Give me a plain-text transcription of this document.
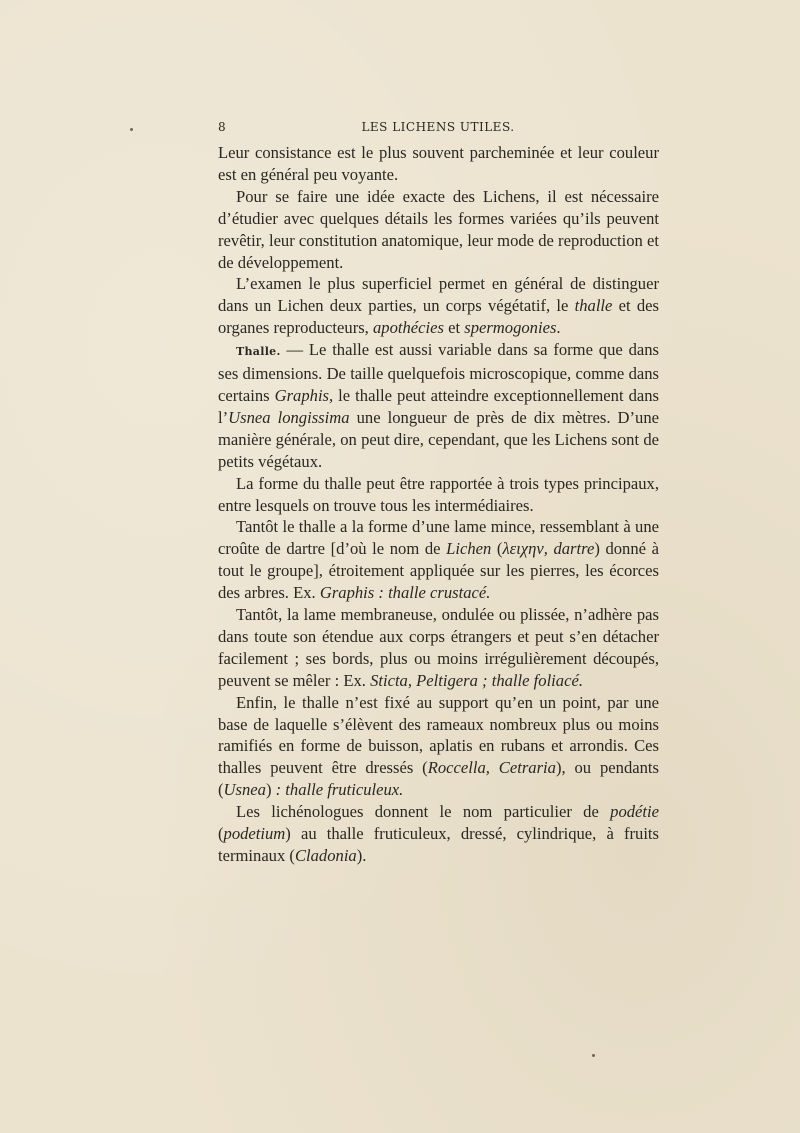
8	LES LICHENS UTILES.

Leur consistance est le plus souvent parcheminée et leur couleur est en général peu voyante.

Pour se faire une idée exacte des Lichens, il est nécessaire d’étudier avec quelques détails les formes variées qu’ils peuvent revêtir, leur constitution anatomique, leur mode de reproduction et de développement.

L’examen le plus superficiel permet en général de distinguer dans un Lichen deux parties, un corps végétatif, le thalle et des organes reproducteurs, apothécies et spermogonies.

Thalle. — Le thalle est aussi variable dans sa forme que dans ses dimensions. De taille quelquefois microscopique, comme dans certains Graphis, le thalle peut atteindre exceptionnellement dans l’Usnea longissima une longueur de près de dix mètres. D’une manière générale, on peut dire, cependant, que les Lichens sont de petits végétaux.

La forme du thalle peut être rapportée à trois types principaux, entre lesquels on trouve tous les intermédiaires.

Tantôt le thalle a la forme d’une lame mince, ressemblant à une croûte de dartre [d’où le nom de Lichen (λειχην, dartre) donné à tout le groupe], étroitement appliquée sur les pierres, les écorces des arbres. Ex. Graphis : thalle crustacé.

Tantôt, la lame membraneuse, ondulée ou plissée, n’adhère pas dans toute son étendue aux corps étrangers et peut s’en détacher facilement ; ses bords, plus ou moins irrégulièrement découpés, peuvent se mêler : Ex. Sticta, Peltigera ; thalle foliacé.

Enfin, le thalle n’est fixé au support qu’en un point, par une base de laquelle s’élèvent des rameaux nombreux plus ou moins ramifiés en forme de buisson, aplatis en rubans et arrondis. Ces thalles peuvent être dressés (Roccella, Cetraria), ou pendants (Usnea) : thalle fruticuleux.

Les lichénologues donnent le nom particulier de podétie (podetium) au thalle fruticuleux, dressé, cylindrique, à fruits terminaux (Cladonia).
